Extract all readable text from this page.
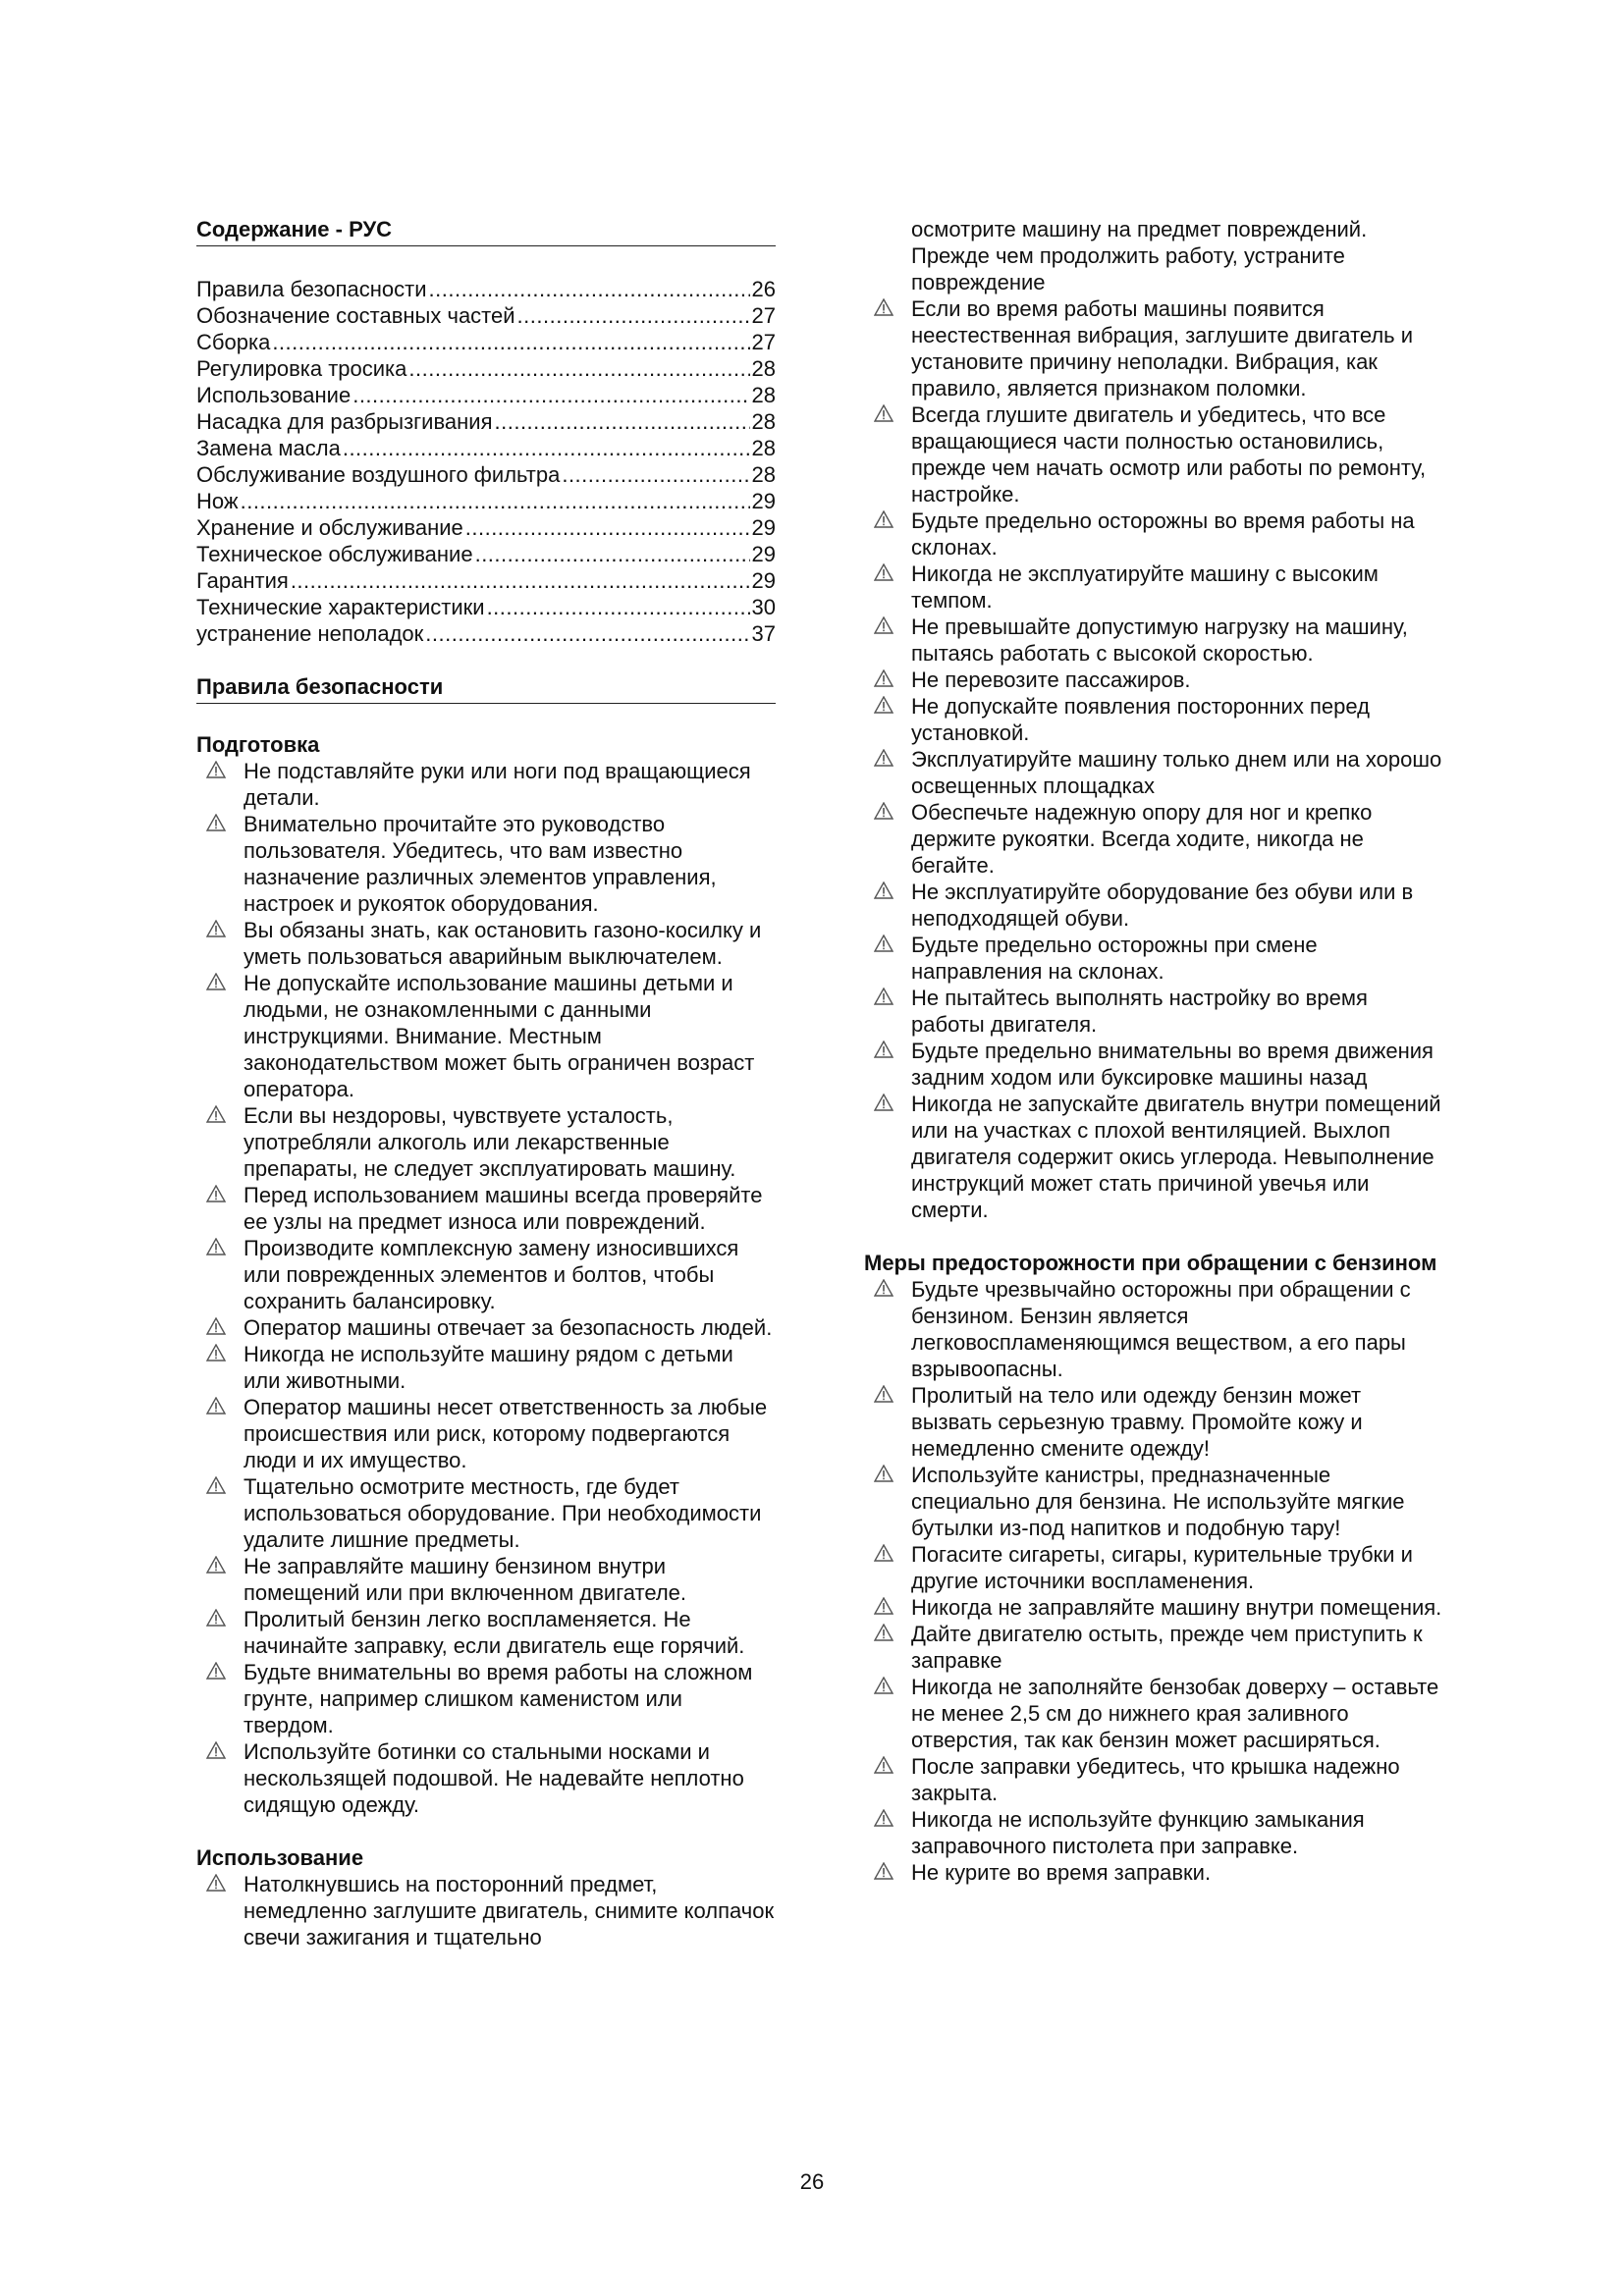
Содержание - РУС
Правила безопасности .....	26
Обозначение составных частей .....	27
Сборка .....	27
Регулировка тросика .....	28
Использование .....	28
Насадка для разбрызгивания .....	28
Замена масла .....	28
Обслуживание воздушного фильтра .....	28
Нож .....	29
Хранение и обслуживание .....	29
Техническое обслуживание .....	29
Гарантия .....	29
Технические характеристики .....	30
устранение неполадок .....	37
Правила безопасности
Подготовка
Не подставляйте руки или ноги под вращающиеся детали.
Внимательно прочитайте это руководство пользователя. Убедитесь, что вам известно назначение различных элементов управления, настроек и рукояток оборудования.
Вы обязаны знать, как остановить газоно-косилку и уметь пользоваться аварийным выключателем.
Не допускайте использование машины детьми и людьми, не ознакомленными с данными инструкциями. Внимание. Местным законодательством может быть ограничен возраст оператора.
Если вы нездоровы, чувствуете усталость, употребляли алкоголь или лекарственные препараты, не следует эксплуатировать машину.
Перед использованием машины всегда проверяйте ее узлы на предмет износа или повреждений.
Производите комплексную замену износившихся или поврежденных элементов и болтов, чтобы сохранить балансировку.
Оператор машины отвечает за безопасность людей.
Никогда не используйте машину рядом с детьми или животными.
Оператор машины несет ответственность за любые происшествия или риск, которому подвергаются люди и их имущество.
Тщательно осмотрите местность, где будет использоваться оборудование. При необходимости удалите лишние предметы.
Не заправляйте машину бензином внутри помещений или при включенном двигателе.
Пролитый бензин легко воспламеняется. Не начинайте заправку, если двигатель еще горячий.
Будьте внимательны во время работы на сложном грунте, например слишком каменистом или твердом.
Используйте ботинки со стальными носками и нескользящей подошвой. Не надевайте неплотно сидящую одежду.
Использование
Натолкнувшись на посторонний предмет, немедленно заглушите двигатель, снимите колпачок свечи зажигания и тщательно
осмотрите машину на предмет повреждений. Прежде чем продолжить работу, устраните повреждение
Если во время работы машины появится неестественная вибрация, заглушите двигатель и установите причину неполадки. Вибрация, как правило, является признаком поломки.
Всегда глушите двигатель и убедитесь, что все вращающиеся части полностью остановились, прежде чем начать осмотр или работы по ремонту, настройке.
Будьте предельно осторожны во время работы на склонах.
Никогда не эксплуатируйте машину с высоким темпом.
Не превышайте допустимую нагрузку на машину, пытаясь работать с высокой скоростью.
Не перевозите пассажиров.
Не допускайте появления посторонних перед установкой.
Эксплуатируйте машину только днем или на хорошо освещенных площадках
Обеспечьте надежную опору для ног и крепко держите рукоятки. Всегда ходите, никогда не бегайте.
Не эксплуатируйте оборудование без обуви или в неподходящей обуви.
Будьте предельно осторожны при смене направления на склонах.
Не пытайтесь выполнять настройку во время работы двигателя.
Будьте предельно внимательны во время движения задним ходом или буксировке машины назад
Никогда не запускайте двигатель внутри помещений или на участках с плохой вентиляцией. Выхлоп двигателя содержит окись углерода. Невыполнение инструкций может стать причиной увечья или смерти.
Меры предосторожности при обращении с бензином
Будьте чрезвычайно осторожны при обращении с бензином. Бензин является легковоспламеняющимся веществом, а его пары взрывоопасны.
Пролитый на тело или одежду бензин может вызвать серьезную травму. Промойте кожу и немедленно смените одежду!
Используйте канистры, предназначенные специально для бензина. Не используйте мягкие бутылки из-под напитков и подобную тару!
Погасите сигареты, сигары, курительные трубки и другие источники воспламенения.
Никогда не заправляйте машину внутри помещения.
Дайте двигателю остыть, прежде чем приступить к заправке
Никогда не заполняйте бензобак доверху – оставьте не менее 2,5 см до нижнего края заливного отверстия, так как бензин может расширяться.
После заправки убедитесь, что крышка надежно закрыта.
Никогда не используйте функцию замыкания заправочного пистолета при заправке.
Не курите во время заправки.
26
